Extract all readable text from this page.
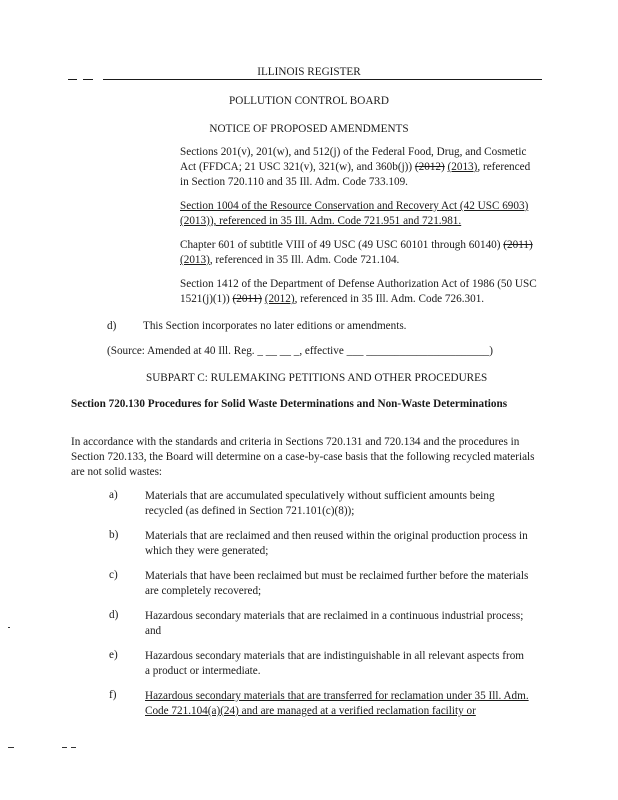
ILLINOIS REGISTER
POLLUTION CONTROL BOARD
NOTICE OF PROPOSED AMENDMENTS
Sections 201(v), 201(w), and 512(j) of the Federal Food, Drug, and Cosmetic Act (FFDCA; 21 USC 321(v), 321(w), and 360b(j)) (2012) (2013), referenced in Section 720.110 and 35 Ill. Adm. Code 733.109.
Section 1004 of the Resource Conservation and Recovery Act (42 USC 6903) (2013)), referenced in 35 Ill. Adm. Code 721.951 and 721.981.
Chapter 601 of subtitle VIII of 49 USC (49 USC 60101 through 60140) (2011) (2013), referenced in 35 Ill. Adm. Code 721.104.
Section 1412 of the Department of Defense Authorization Act of 1986 (50 USC 1521(j)(1)) (2011) (2012), referenced in 35 Ill. Adm. Code 726.301.
d) This Section incorporates no later editions or amendments.
(Source: Amended at 40 Ill. Reg. _ __ __ _, effective ___ ______________________)
SUBPART C: RULEMAKING PETITIONS AND OTHER PROCEDURES
Section 720.130 Procedures for Solid Waste Determinations and Non-Waste Determinations
In accordance with the standards and criteria in Sections 720.131 and 720.134 and the procedures in Section 720.133, the Board will determine on a case-by-case basis that the following recycled materials are not solid wastes:
a) Materials that are accumulated speculatively without sufficient amounts being recycled (as defined in Section 721.101(c)(8));
b) Materials that are reclaimed and then reused within the original production process in which they were generated;
c) Materials that have been reclaimed but must be reclaimed further before the materials are completely recovered;
d) Hazardous secondary materials that are reclaimed in a continuous industrial process; and
e) Hazardous secondary materials that are indistinguishable in all relevant aspects from a product or intermediate.
f)	Hazardous secondary materials that are transferred for reclamation under 35 Ill. Adm. Code 721.104(a)(24) and are managed at a verified reclamation facility or
